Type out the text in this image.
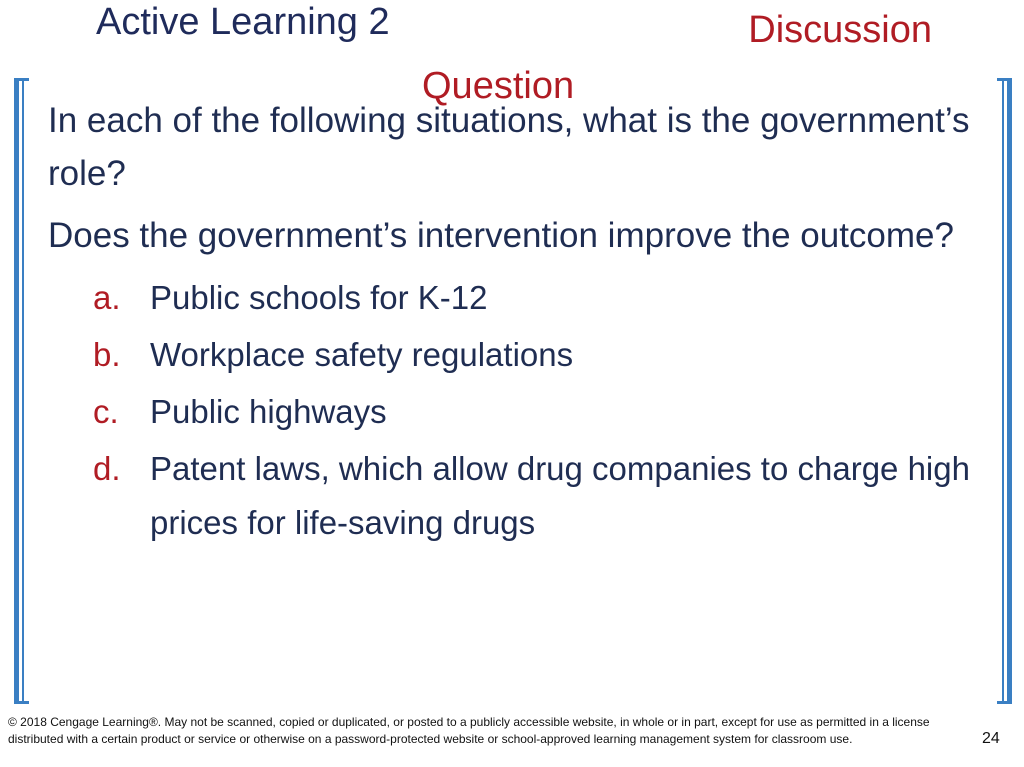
Active Learning 2	Discussion
Question

In each of the following situations, what is the government’s role?

Does the government’s intervention improve the outcome?

a. Public schools for K-12
b. Workplace safety regulations
c. Public highways
d. Patent laws, which allow drug companies to charge high prices for life-saving drugs
© 2018 Cengage Learning®. May not be scanned, copied or duplicated, or posted to a publicly accessible website, in whole or in part, except for use as permitted in a license distributed with a certain product or service or otherwise on a password-protected website or school-approved learning management system for classroom use.	24
